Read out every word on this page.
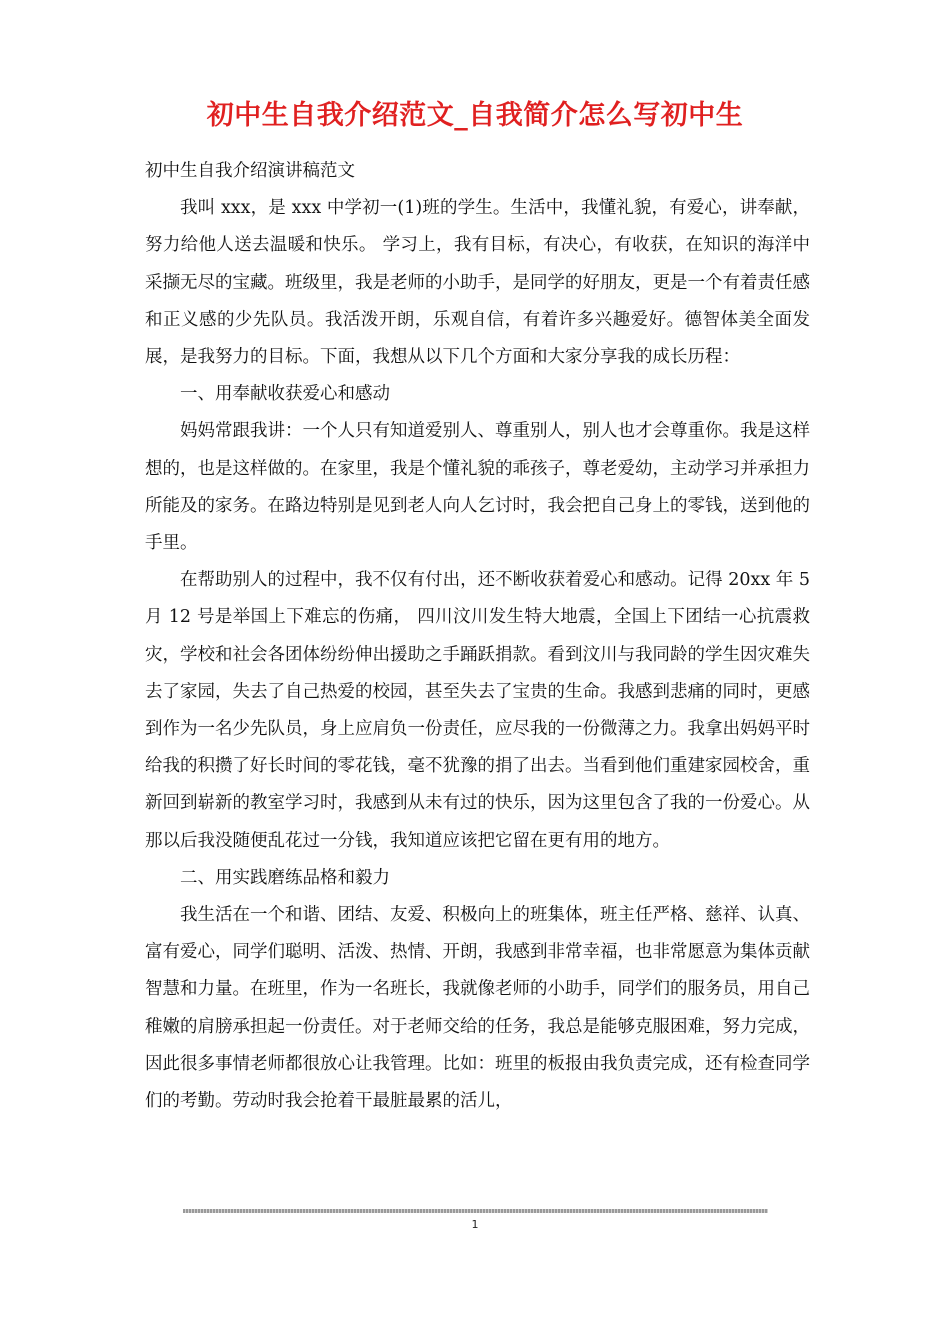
初中生自我介绍范文_自我简介怎么写初中生

初中生自我介绍演讲稿范文

我叫 xxx，是 xxx 中学初一(1)班的学生。生活中，我懂礼貌，有爱心，讲奉献，努力给他人送去温暖和快乐。 学习上，我有目标，有决心，有收获，在知识的海洋中采撷无尽的宝藏。班级里，我是老师的小助手，是同学的好朋友，更是一个有着责任感和正义感的少先队员。我活泼开朗，乐观自信，有着许多兴趣爱好。德智体美全面发展，是我努力的目标。下面，我想从以下几个方面和大家分享我的成长历程：

一、用奉献收获爱心和感动

妈妈常跟我讲：一个人只有知道爱别人、尊重别人，别人也才会尊重你。我是这样想的，也是这样做的。在家里，我是个懂礼貌的乖孩子，尊老爱幼，主动学习并承担力所能及的家务。在路边特别是见到老人向人乞讨时，我会把自己身上的零钱，送到他的手里。

在帮助别人的过程中，我不仅有付出，还不断收获着爱心和感动。记得 20xx 年 5 月 12 号是举国上下难忘的伤痛， 四川汶川发生特大地震，全国上下团结一心抗震救灾，学校和社会各团体纷纷伸出援助之手踊跃捐款。看到汶川与我同龄的学生因灾难失去了家园，失去了自己热爱的校园，甚至失去了宝贵的生命。我感到悲痛的同时，更感到作为一名少先队员，身上应肩负一份责任，应尽我的一份微薄之力。我拿出妈妈平时给我的积攒了好长时间的零花钱，毫不犹豫的捐了出去。当看到他们重建家园校舍，重新回到崭新的教室学习时，我感到从未有过的快乐，因为这里包含了我的一份爱心。从那以后我没随便乱花过一分钱，我知道应该把它留在更有用的地方。

二、用实践磨练品格和毅力

我生活在一个和谐、团结、友爱、积极向上的班集体，班主任严格、慈祥、认真、富有爱心，同学们聪明、活泼、热情、开朗，我感到非常幸福，也非常愿意为集体贡献智慧和力量。在班里，作为一名班长，我就像老师的小助手，同学们的服务员，用自己稚嫩的肩膀承担起一份责任。对于老师交给的任务，我总是能够克服困难，努力完成，因此很多事情老师都很放心让我管理。比如：班里的板报由我负责完成，还有检查同学们的考勤。劳动时我会抢着干最脏最累的活儿，

1
